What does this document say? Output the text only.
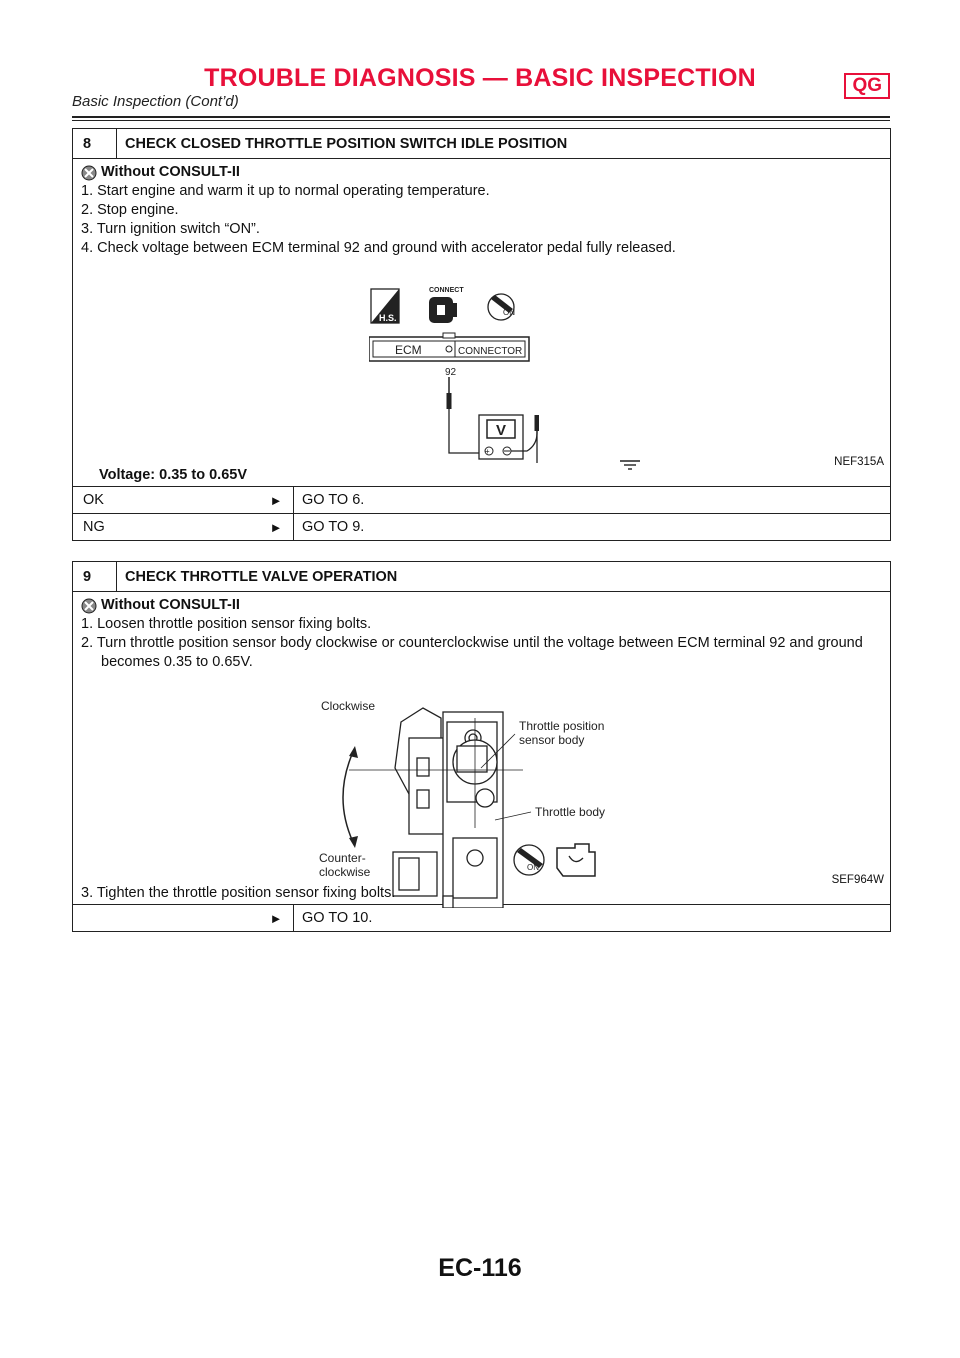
TROUBLE DIAGNOSIS — BASIC INSPECTION	QG
Basic Inspection (Cont’d)
8	CHECK CLOSED THROTTLE POSITION SWITCH IDLE POSITION
Without CONSULT-II
1. Start engine and warm it up to normal operating temperature.
2. Stop engine.
3. Turn ignition switch “ON”.
4. Check voltage between ECM terminal 92 and ground with accelerator pedal fully released.
H.S.
CONNECT
ON
ECM	CONNECTOR
92
V
+
NEF315A
Voltage: 0.35 to 0.65V
OK	►	GO TO 6.
NG	►	GO TO 9.
9	CHECK THROTTLE VALVE OPERATION
Without CONSULT-II
1. Loosen throttle position sensor fixing bolts.
2. Turn throttle position sensor body clockwise or counterclockwise until the voltage between ECM terminal 92 and ground
becomes 0.35 to 0.65V.
Clockwise
Counter-
clockwise
Throttle position
sensor body
Throttle body
ON
SEF964W
3. Tighten the throttle position sensor fixing bolts.
►	GO TO 10.
EC-116
